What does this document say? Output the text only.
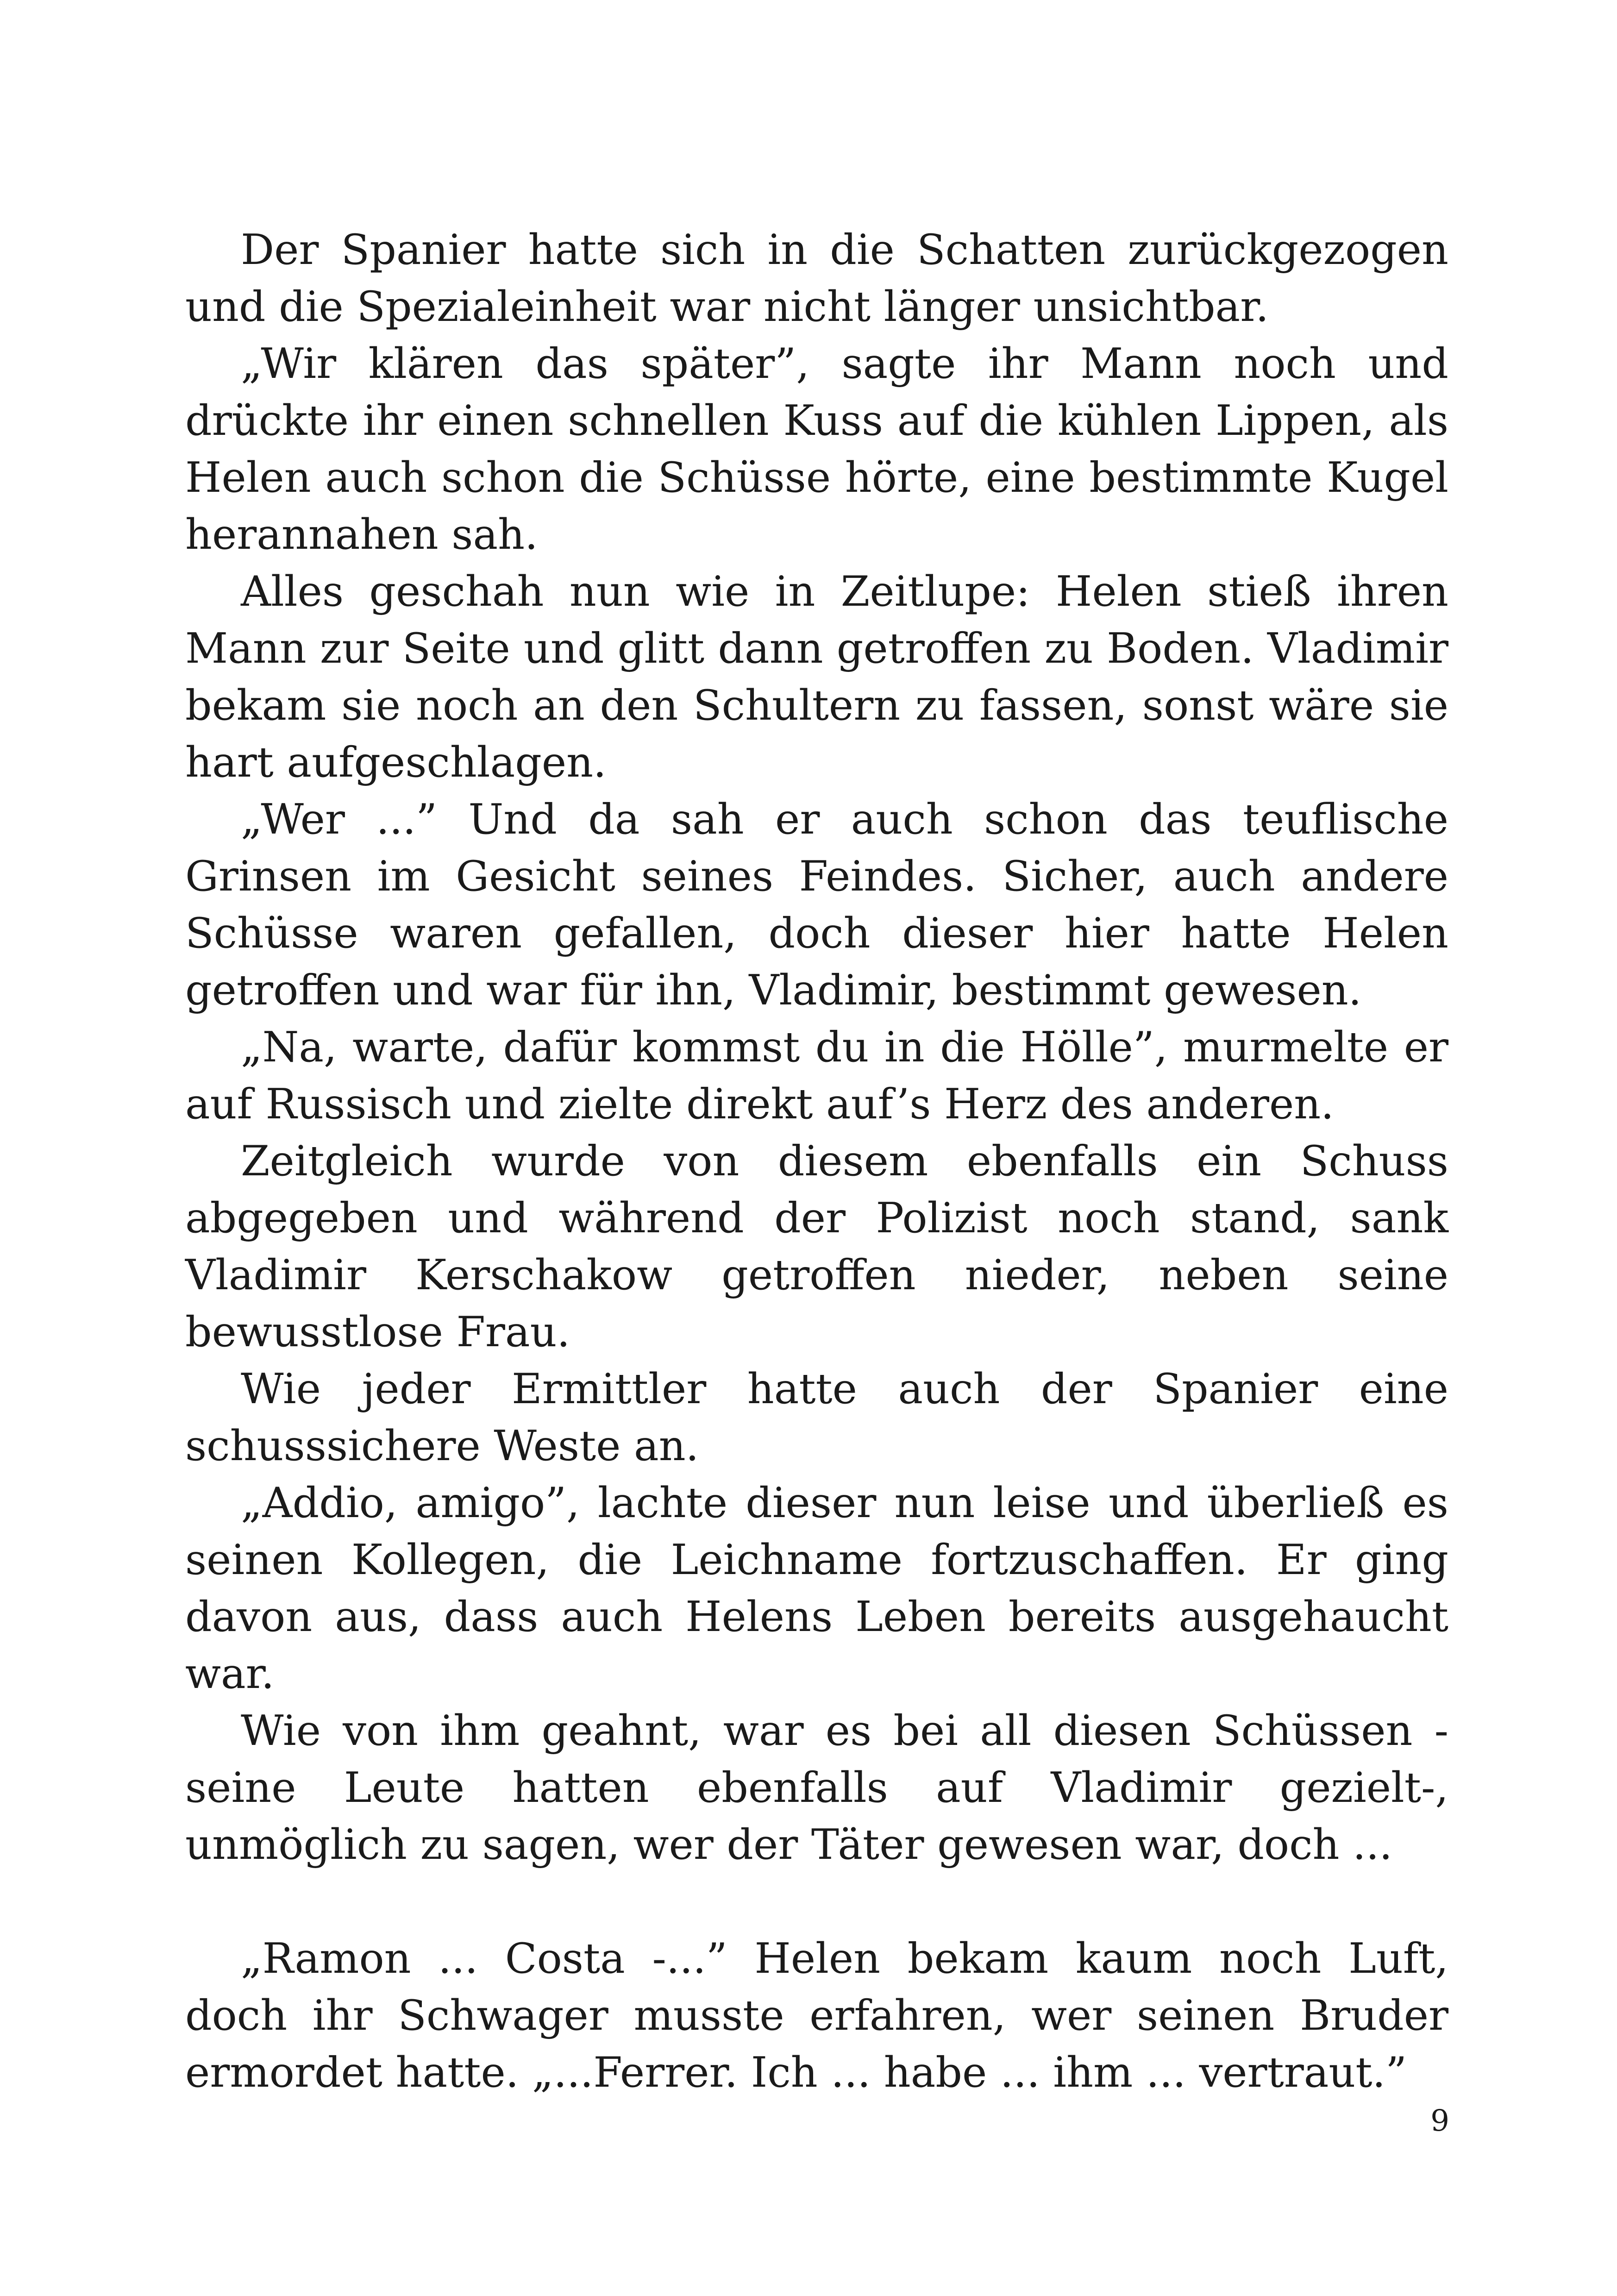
Der Spanier hatte sich in die Schatten zurückgezogen und die Spezialeinheit war nicht länger unsichtbar.

„Wir klären das später”, sagte ihr Mann noch und drückte ihr einen schnellen Kuss auf die kühlen Lippen, als Helen auch schon die Schüsse hörte, eine bestimmte Kugel herannahen sah.

Alles geschah nun wie in Zeitlupe: Helen stieß ihren Mann zur Seite und glitt dann getroffen zu Boden. Vladimir bekam sie noch an den Schultern zu fassen, sonst wäre sie hart aufgeschlagen.

„Wer ...” Und da sah er auch schon das teuflische Grinsen im Gesicht seines Feindes. Sicher, auch andere Schüsse waren gefallen, doch dieser hier hatte Helen getroffen und war für ihn, Vladimir, bestimmt gewesen.

„Na, warte, dafür kommst du in die Hölle”, murmelte er auf Russisch und zielte direkt auf’s Herz des anderen.

Zeitgleich wurde von diesem ebenfalls ein Schuss abgegeben und während der Polizist noch stand, sank Vladimir Kerschakow getroffen nieder, neben seine bewusstlose Frau.

Wie jeder Ermittler hatte auch der Spanier eine schusssichere Weste an.

„Addio, amigo”, lachte dieser nun leise und überließ es seinen Kollegen, die Leichname fortzuschaffen. Er ging davon aus, dass auch Helens Leben bereits ausgehaucht war.

Wie von ihm geahnt, war es bei all diesen Schüssen -seine Leute hatten ebenfalls auf Vladimir gezielt-, unmöglich zu sagen, wer der Täter gewesen war, doch ...

„Ramon ... Costa -...” Helen bekam kaum noch Luft, doch ihr Schwager musste erfahren, wer seinen Bruder ermordet hatte. „...Ferrer. Ich ... habe ... ihm ... vertraut.”

9
